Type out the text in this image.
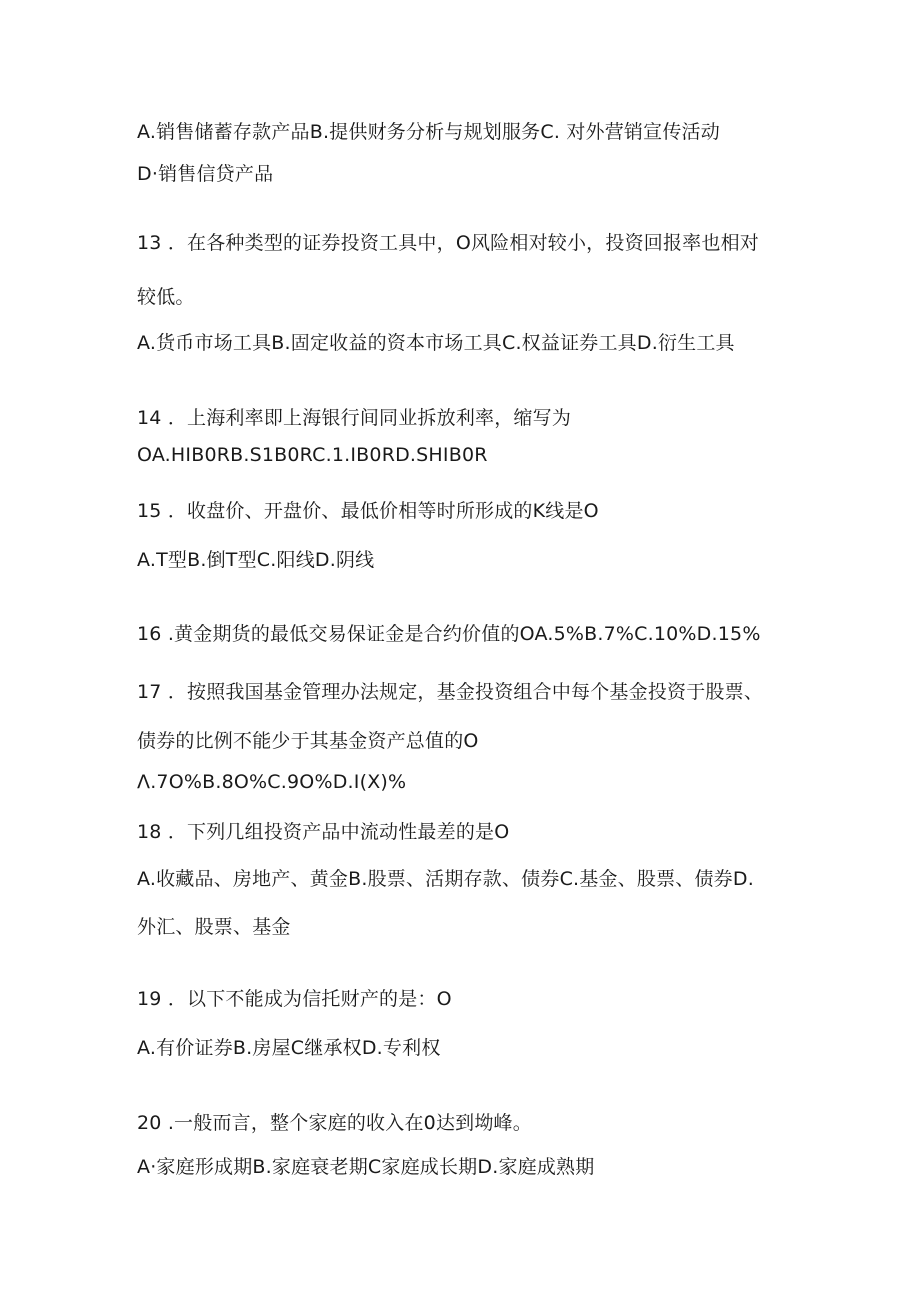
A.销售储蓄存款产品B.提供财务分析与规划服务C. 对外营销宣传活动
D·销售信贷产品
13 ．在各种类型的证券投资工具中，O风险相对较小，投资回报率也相对
较低。
A.货币市场工具B.固定收益的资本市场工具C.权益证券工具D.衍生工具
14 ．上海利率即上海银行间同业拆放利率，缩写为
OA.HIB0RB.S1B0RC.1.IB0RD.SHIB0R
15 ．收盘价、开盘价、最低价相等时所形成的K线是O
A.T型B.倒T型C.阳线D.阴线
16 .黄金期货的最低交易保证金是合约价值的OA.5%B.7%C.10%D.15%
17 ．按照我国基金管理办法规定，基金投资组合中每个基金投资于股票、
债券的比例不能少于其基金资产总值的O
Λ.7O%B.8O%C.9O%D.I(X)%
18 ．下列几组投资产品中流动性最差的是O
A.收藏品、房地产、黄金B.股票、活期存款、债券C.基金、股票、债券D.
外汇、股票、基金
19 ．以下不能成为信托财产的是：O
A.有价证券B.房屋C继承权D.专利权
20 .一般而言，整个家庭的收入在0达到坳峰。
A·家庭形成期B.家庭衰老期C家庭成长期D.家庭成熟期
